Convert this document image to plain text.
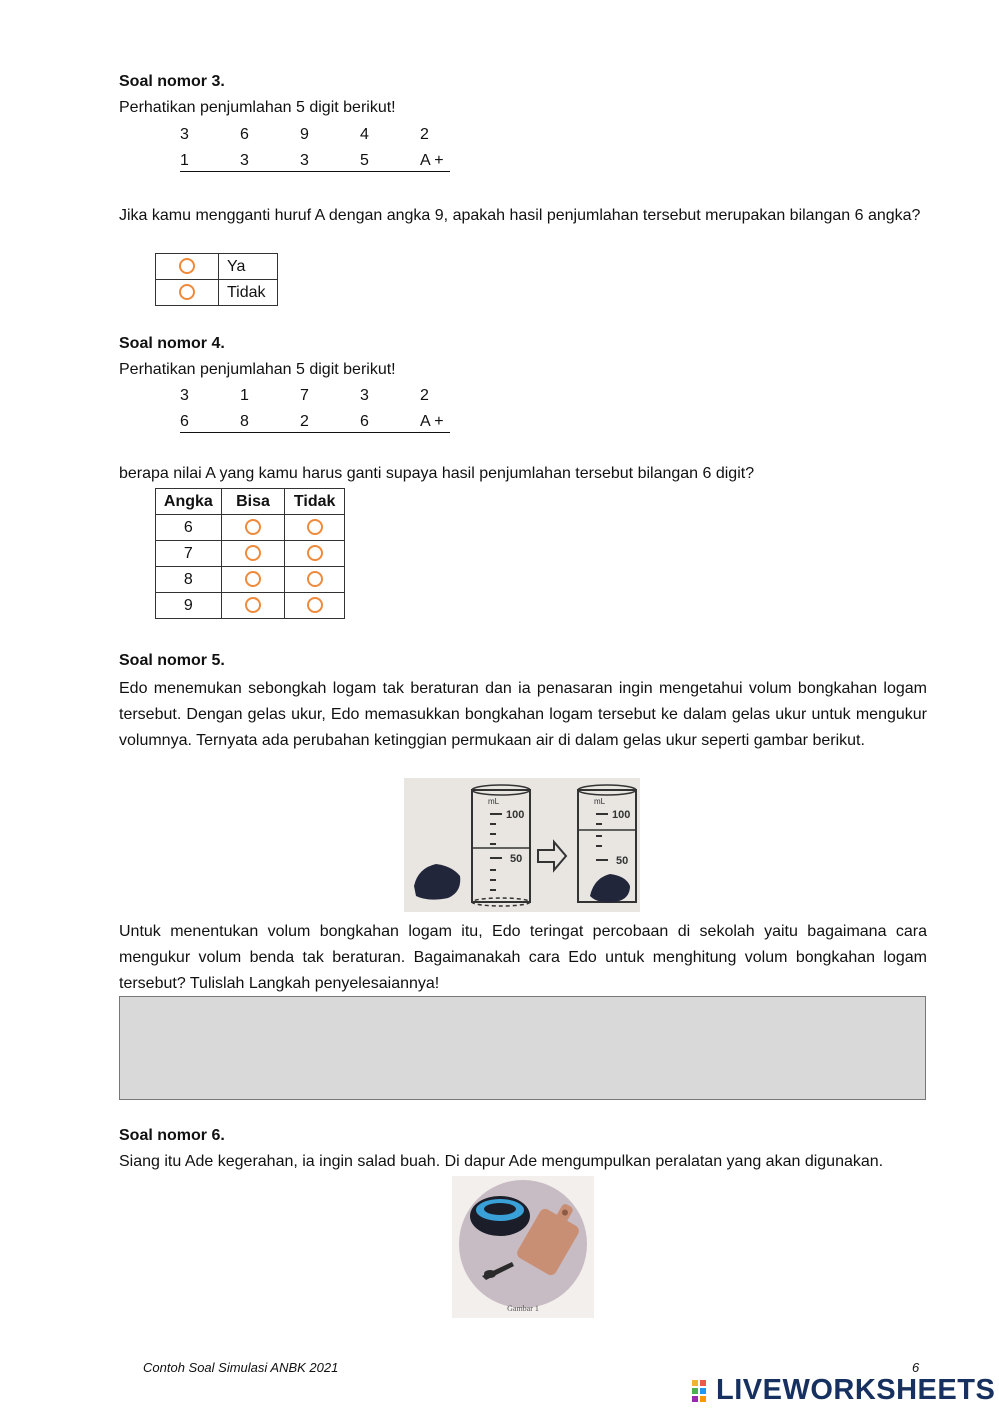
Soal nomor 3.
Perhatikan penjumlahan 5 digit berikut!
3	6	9	4	2
1	3	3	5	A +
Jika kamu mengganti huruf A dengan angka 9, apakah hasil penjumlahan tersebut merupakan bilangan 6 angka?
	Ya
	Tidak
Soal nomor 4.
Perhatikan penjumlahan 5 digit berikut!
3	1	7	3	2
6	8	2	6	A +
berapa nilai A yang kamu harus ganti supaya hasil penjumlahan tersebut bilangan 6 digit?
Angka	Bisa	Tidak
6		
7		
8		
9		
Soal nomor 5.
Edo menemukan sebongkah logam tak beraturan dan ia penasaran ingin mengetahui volum bongkahan logam tersebut. Dengan gelas ukur, Edo memasukkan bongkahan logam tersebut ke dalam gelas ukur untuk mengukur volumnya. Ternyata ada perubahan ketinggian permukaan air di dalam gelas ukur seperti gambar berikut.
mL
100
50
mL
100
50
Untuk menentukan volum bongkahan logam itu, Edo teringat percobaan di sekolah yaitu bagaimana cara mengukur volum benda tak beraturan. Bagaimanakah cara Edo untuk menghitung volum bongkahan logam tersebut? Tulislah Langkah penyelesaiannya!
Soal nomor 6.
Siang itu Ade kegerahan, ia ingin salad buah. Di dapur Ade mengumpulkan peralatan yang akan digunakan.
Gambar 1
Contoh Soal Simulasi ANBK 2021	6
LIVEWORKSHEETS
